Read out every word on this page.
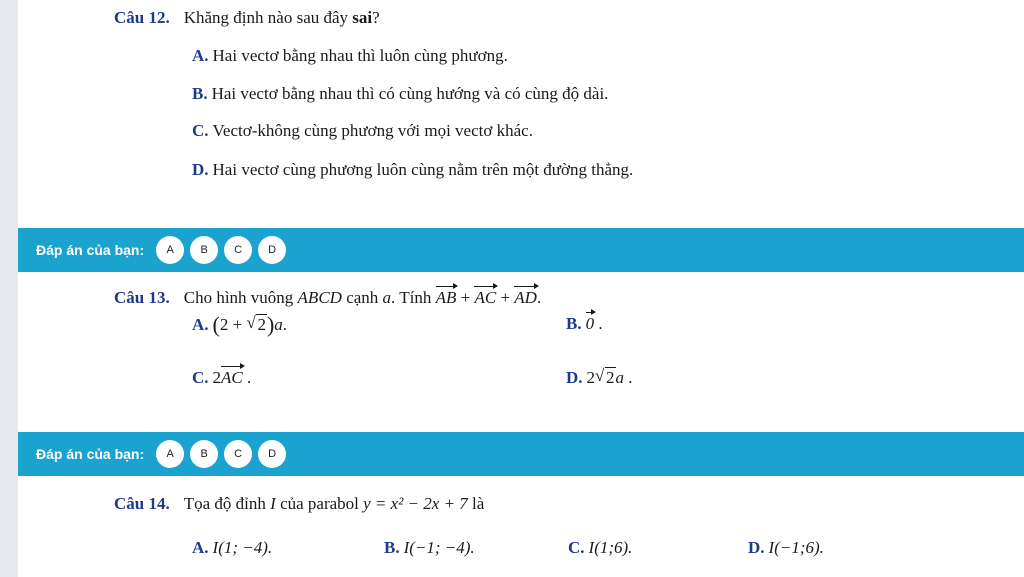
Câu 12. Khăng định nào sau đây sai?
A. Hai vectơ bằng nhau thì luôn cùng phương.
B. Hai vectơ bằng nhau thì có cùng hướng và có cùng độ dài.
C. Vectơ-không cùng phương với mọi vectơ khác.
D. Hai vectơ cùng phương luôn cùng nằm trên một đường thẳng.
Đáp án của bạn:	A	B	C	D
Câu 13. Cho hình vuông ABCD cạnh a. Tính AB + AC + AD.
A. (2 + √ 2)a.	B. 0 .
C. 2AC .	D. 2√ 2a .
Đáp án của bạn:	A	B	C	D
Câu 14. Tọa độ đỉnh I của parabol y = x² − 2x + 7 là
A. I(1; −4).	B. I(−1; −4).	C. I(1;6).	D. I(−1;6).
